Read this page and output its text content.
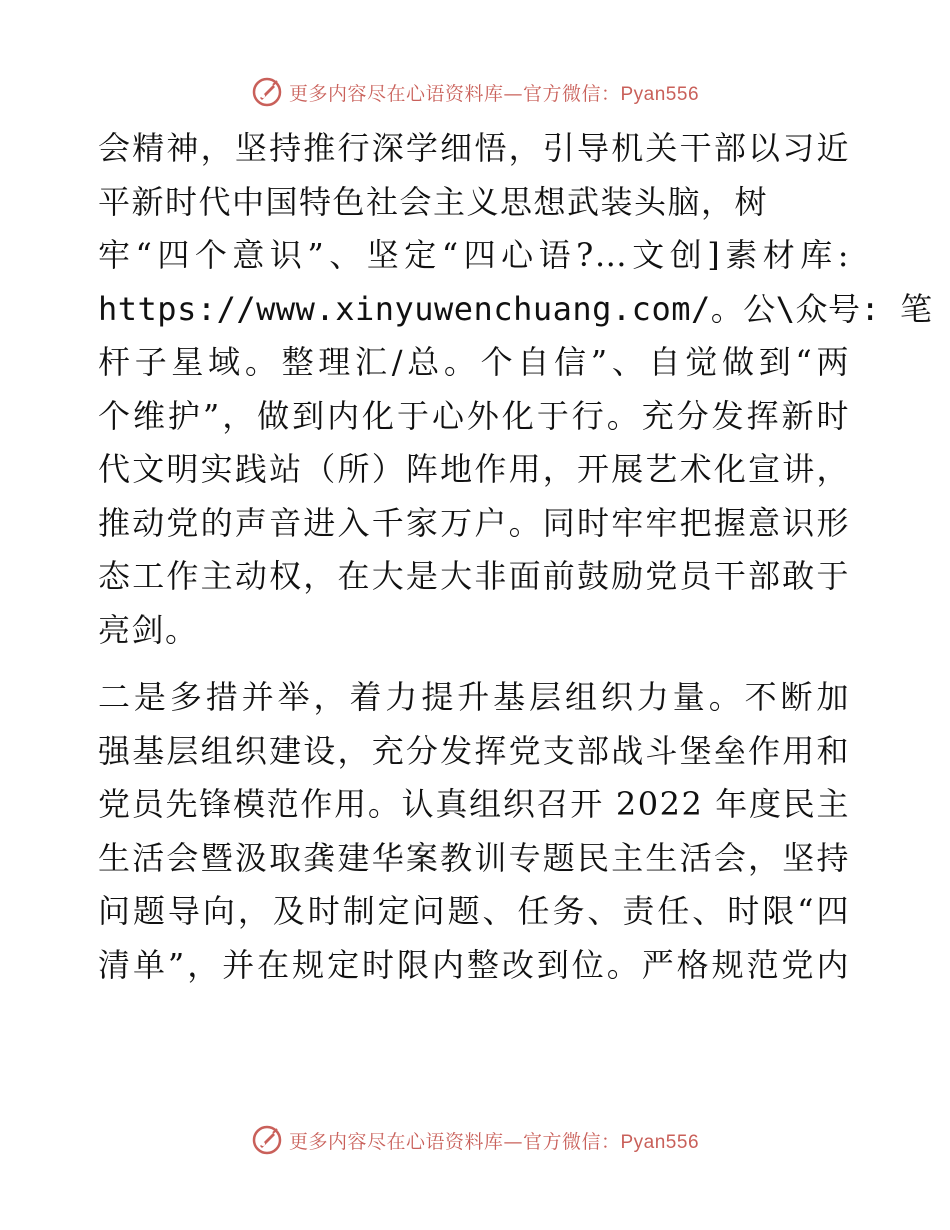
更多内容尽在心语资料库—官方微信：Pyan556
会精神，坚持推行深学细悟，引导机关干部以习近
平新时代中国特色社会主义思想武装头脑，树
牢“四个意识”、坚定“四心语?…文创]素材库:
https://www.xinyuwenchuang.com/。公\众号: 笔
杆子星域。整理汇/总。个自信”、自觉做到“两
个维护”，做到内化于心外化于行。充分发挥新时
代文明实践站（所）阵地作用，开展艺术化宣讲，
推动党的声音进入千家万户。同时牢牢把握意识形
态工作主动权，在大是大非面前鼓励党员干部敢于
亮剑。
二是多措并举，着力提升基层组织力量。不断加
强基层组织建设，充分发挥党支部战斗堡垒作用和
党员先锋模范作用。认真组织召开 2022 年度民主
生活会暨汲取龚建华案教训专题民主生活会，坚持
问题导向，及时制定问题、任务、责任、时限“四
清单”，并在规定时限内整改到位。严格规范党内
更多内容尽在心语资料库—官方微信：Pyan556
